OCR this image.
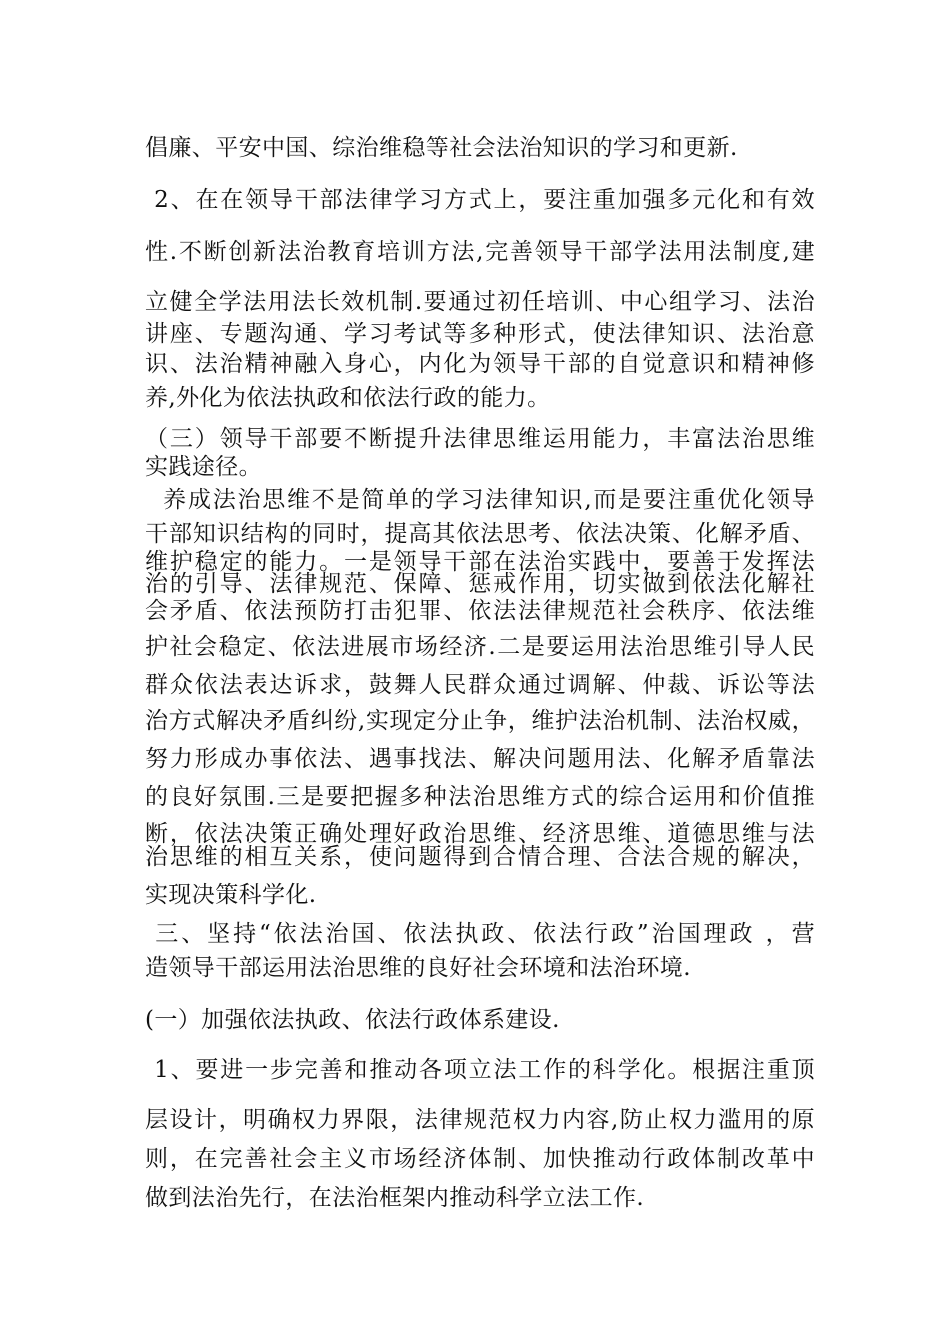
倡廉、平安中国、综治维稳等社会法治知识的学习和更新.
2、在在领导干部法律学习方式上，要注重加强多元化和有效
性.不断创新法治教育培训方法,完善领导干部学法用法制度,建
立健全学法用法长效机制.要通过初任培训、中心组学习、法治
讲座、专题沟通、学习考试等多种形式，使法律知识、法治意
识、法治精神融入身心，内化为领导干部的自觉意识和精神修
养,外化为依法执政和依法行政的能力。
（三）领导干部要不断提升法律思维运用能力，丰富法治思维
实践途径。
养成法治思维不是简单的学习法律知识,而是要注重优化领导
干部知识结构的同时，提高其依法思考、依法决策、化解矛盾、
维护稳定的能力。一是领导干部在法治实践中，要善于发挥法
治的引导、法律规范、保障、惩戒作用，切实做到依法化解社
会矛盾、依法预防打击犯罪、依法法律规范社会秩序、依法维
护社会稳定、依法进展市场经济.二是要运用法治思维引导人民
群众依法表达诉求，鼓舞人民群众通过调解、仲裁、诉讼等法
治方式解决矛盾纠纷,实现定分止争，维护法治机制、法治权威，
努力形成办事依法、遇事找法、解决问题用法、化解矛盾靠法
的良好氛围.三是要把握多种法治思维方式的综合运用和价值推
断，依法决策正确处理好政治思维、经济思维、道德思维与法
治思维的相互关系，使问题得到合情合理、合法合规的解决，
实现决策科学化.
三、坚持“依法治国、依法执政、依法行政”治国理政 ，营
造领导干部运用法治思维的良好社会环境和法治环境.
(一）加强依法执政、依法行政体系建设.
1、要进一步完善和推动各项立法工作的科学化。根据注重顶
层设计，明确权力界限，法律规范权力内容,防止权力滥用的原
则，在完善社会主义市场经济体制、加快推动行政体制改革中
做到法治先行，在法治框架内推动科学立法工作.
